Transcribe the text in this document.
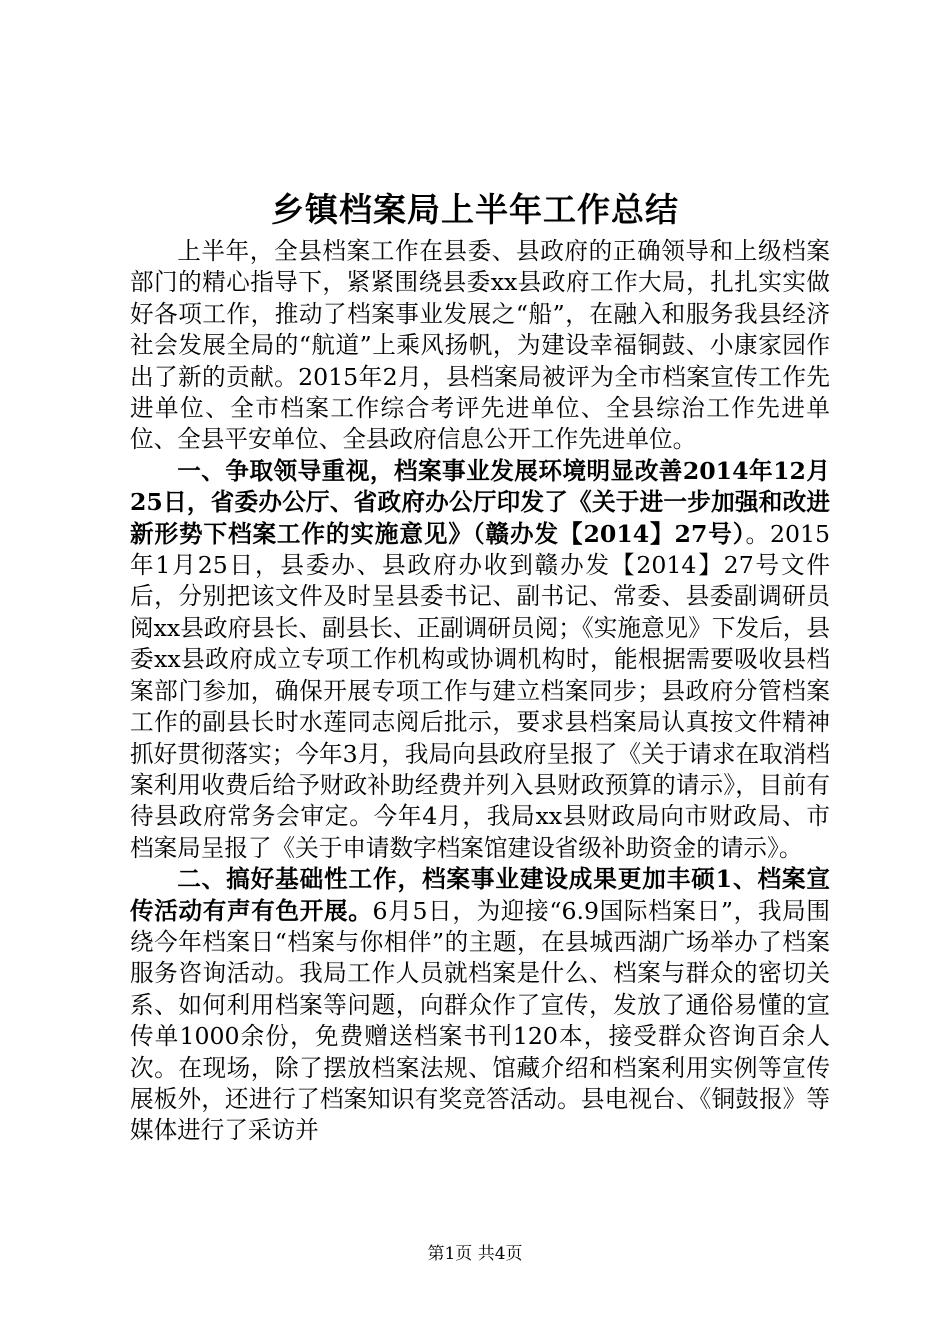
乡镇档案局上半年工作总结

上半年，全县档案工作在县委、县政府的正确领导和上级档案部门的精心指导下，紧紧围绕县委xx县政府工作大局，扎扎实实做好各项工作，推动了档案事业发展之“船”，在融入和服务我县经济社会发展全局的“航道”上乘风扬帆，为建设幸福铜鼓、小康家园作出了新的贡献。2015年2月，县档案局被评为全市档案宣传工作先进单位、全市档案工作综合考评先进单位、全县综治工作先进单位、全县平安单位、全县政府信息公开工作先进单位。

一、争取领导重视，档案事业发展环境明显改善2014年12月25日，省委办公厅、省政府办公厅印发了《关于进一步加强和改进新形势下档案工作的实施意见》（赣办发【2014】27号）。2015年1月25日，县委办、县政府办收到赣办发【2014】27号文件后，分别把该文件及时呈县委书记、副书记、常委、县委副调研员阅xx县政府县长、副县长、正副调研员阅；《实施意见》下发后，县委xx县政府成立专项工作机构或协调机构时，能根据需要吸收县档案部门参加，确保开展专项工作与建立档案同步；县政府分管档案工作的副县长时水莲同志阅后批示，要求县档案局认真按文件精神抓好贯彻落实；今年3月，我局向县政府呈报了《关于请求在取消档案利用收费后给予财政补助经费并列入县财政预算的请示》，目前有待县政府常务会审定。今年4月，我局xx县财政局向市财政局、市档案局呈报了《关于申请数字档案馆建设省级补助资金的请示》。

二、搞好基础性工作，档案事业建设成果更加丰硕1、档案宣传活动有声有色开展。6月5日，为迎接“6.9国际档案日”，我局围绕今年档案日“档案与你相伴”的主题，在县城西湖广场举办了档案服务咨询活动。我局工作人员就档案是什么、档案与群众的密切关系、如何利用档案等问题，向群众作了宣传，发放了通俗易懂的宣传单1000余份，免费赠送档案书刊120本，接受群众咨询百余人次。在现场，除了摆放档案法规、馆藏介绍和档案利用实例等宣传展板外，还进行了档案知识有奖竞答活动。县电视台、《铜鼓报》等媒体进行了采访并

第1页 共4页
